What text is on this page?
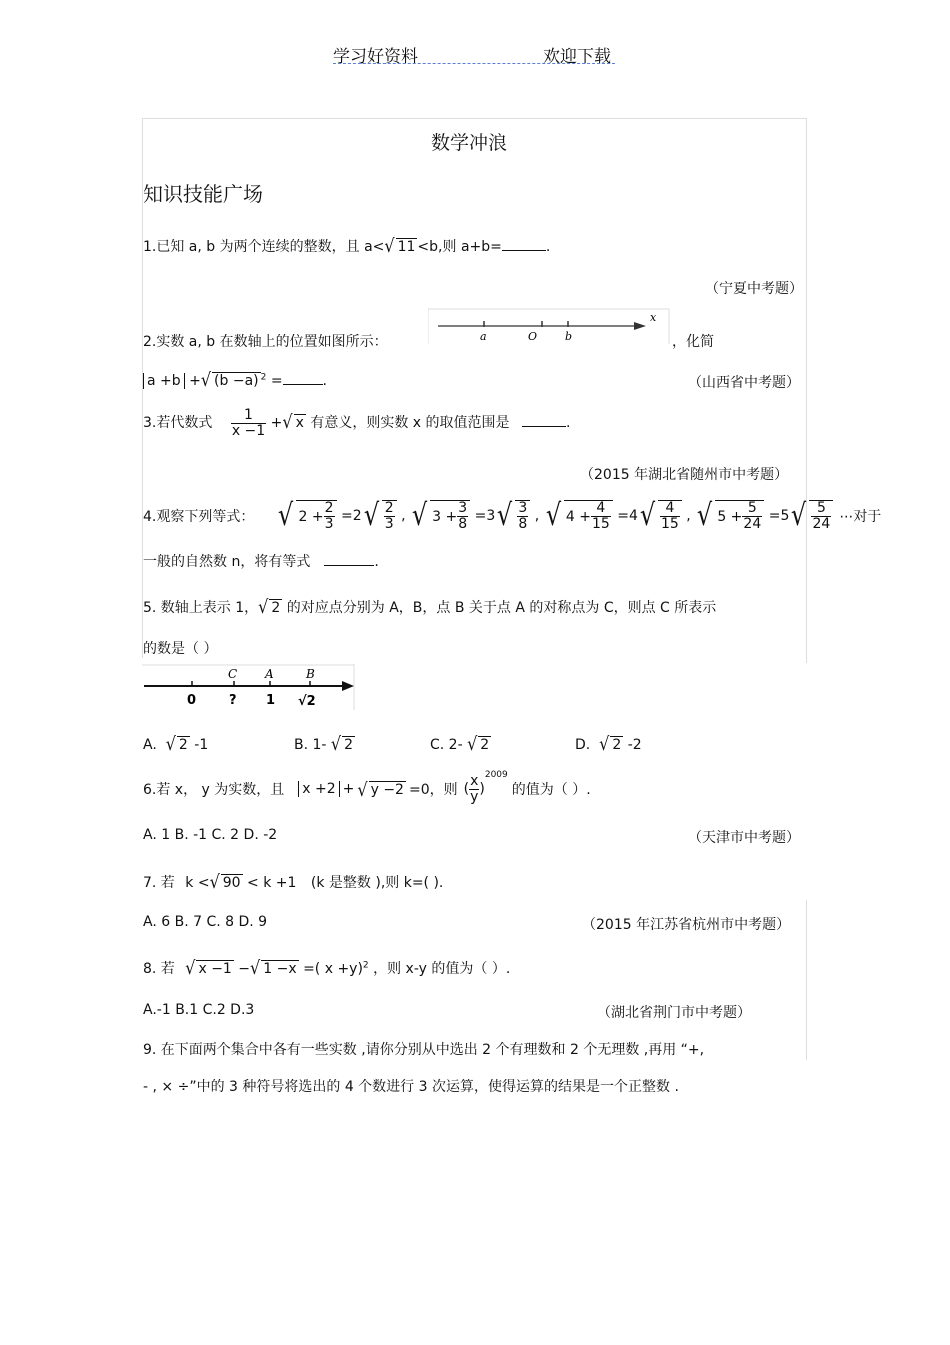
学习好资料	欢迎下载
数学冲浪
知识技能广场
1.已知 a, b 为两个连续的整数，且 a<√ 11 <b,则 a+b=	.
（宁夏中考题）
2.实数 a, b 在数轴上的位置如图所示：
x
a	O	b	，化简
a +b +√ (b −a) $^2$ =	.	（山西省中考题）
3.若代数式 $\frac{1}{x -1}$ +√ x 有意义，则实数 x 的取值范围是	.
（2015 年湖北省随州市中考题）
4.观察下列等式： √ $2 + \frac{2}{3} =2$ √ $\frac{2}{3}$ , √ $3 + \frac{3}{8} =3$ √ $\frac{3}{8}$ , √ $4 + \frac{4}{15} =4$ √ $\frac{4}{15}$ , √ $5 + \frac{5}{24} =5$ √ $\frac{5}{24}$ ⋯对于
一般的自然数 n，将有等式	.
5. 数轴上表示 1，√ 2 的对应点分别为 A，B，点 B 关于点 A 的对称点为 C，则点 C 所表示
的数是（ ）
C A	B
0	? 1 √2
A. √ 2 -1	B. 1- √ 2	C. 2- √ 2	D. √ 2 -2
6.若 x， y 为实数，且 x +2 + √ y −2 =0，则 ( $\frac{x}{y}$ )
2009
的值为（ ）.
A. 1 B. -1 C. 2 D. -2	（天津市中考题）
7. 若 k <√ 90 < k +1 (k 是整数 ),则 k=( ).
A. 6 B. 7 C. 8 D. 9	（2015 年江苏省杭州市中考题）
8. 若 √ x −1 −√ 1 −x =( x +y)$^2$ ，则 x-y 的值为（ ）.
A.-1 B.1 C.2 D.3	（湖北省荆门市中考题）
9. 在下面两个集合中各有一些实数 ,请你分别从中选出 2 个有理数和 2 个无理数 ,再用 “+,
- , × ÷”中的 3 种符号将选出的 4 个数进行 3 次运算，使得运算的结果是一个正整数 .
